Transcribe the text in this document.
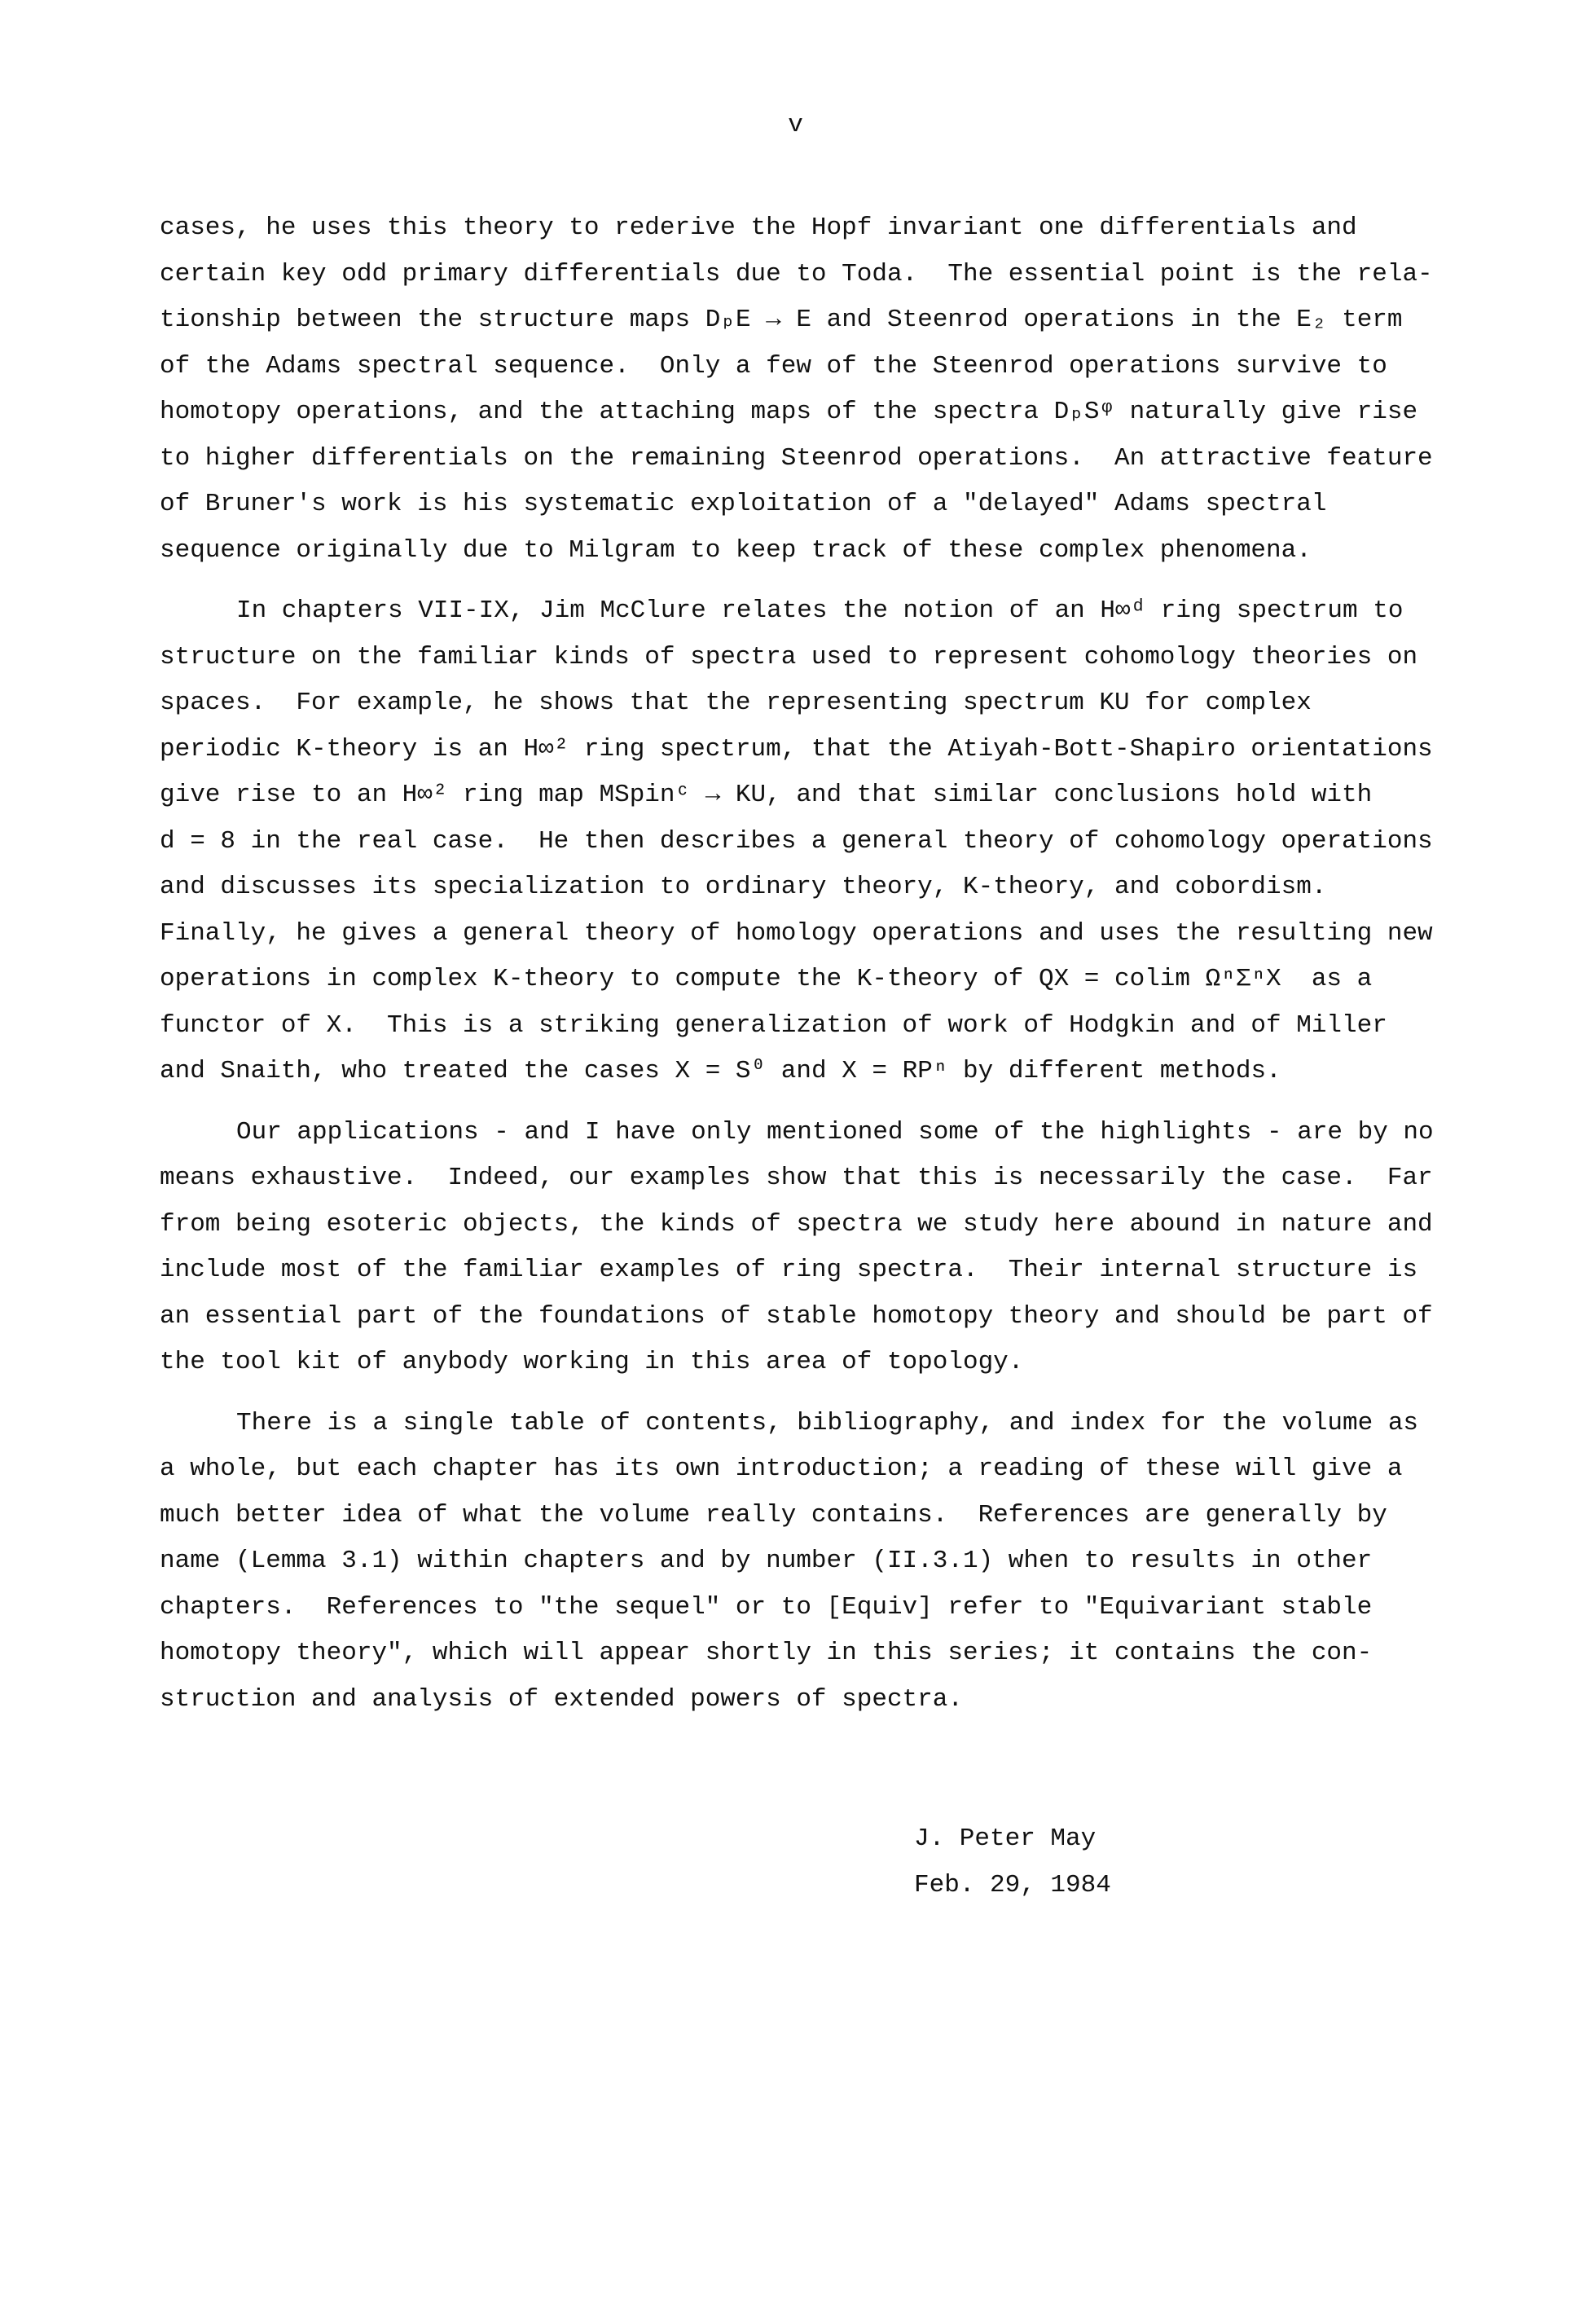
v
cases, he uses this theory to rederive the Hopf invariant one differentials and
certain key odd primary differentials due to Toda.  The essential point is the rela-
tionship between the structure maps DₚE → E and Steenrod operations in the E₂ term
of the Adams spectral sequence.  Only a few of the Steenrod operations survive to
homotopy operations, and the attaching maps of the spectra DₚSᵠ naturally give rise
to higher differentials on the remaining Steenrod operations.  An attractive feature
of Bruner's work is his systematic exploitation of a "delayed" Adams spectral
sequence originally due to Milgram to keep track of these complex phenomena.
In chapters VII-IX, Jim McClure relates the notion of an H∞ᵈ ring spectrum to
structure on the familiar kinds of spectra used to represent cohomology theories on
spaces.  For example, he shows that the representing spectrum KU for complex
periodic K-theory is an H∞² ring spectrum, that the Atiyah-Bott-Shapiro orientations
give rise to an H∞² ring map MSpinᶜ → KU, and that similar conclusions hold with
d = 8 in the real case.  He then describes a general theory of cohomology operations
and discusses its specialization to ordinary theory, K-theory, and cobordism.
Finally, he gives a general theory of homology operations and uses the resulting new
operations in complex K-theory to compute the K-theory of QX = colim ΩⁿΣⁿX  as a
functor of X.  This is a striking generalization of work of Hodgkin and of Miller
and Snaith, who treated the cases X = S⁰ and X = RPⁿ by different methods.
Our applications - and I have only mentioned some of the highlights - are by no
means exhaustive.  Indeed, our examples show that this is necessarily the case.  Far
from being esoteric objects, the kinds of spectra we study here abound in nature and
include most of the familiar examples of ring spectra.  Their internal structure is
an essential part of the foundations of stable homotopy theory and should be part of
the tool kit of anybody working in this area of topology.
There is a single table of contents, bibliography, and index for the volume as
a whole, but each chapter has its own introduction; a reading of these will give a
much better idea of what the volume really contains.  References are generally by
name (Lemma 3.1) within chapters and by number (II.3.1) when to results in other
chapters.  References to "the sequel" or to [Equiv] refer to "Equivariant stable
homotopy theory", which will appear shortly in this series; it contains the con-
struction and analysis of extended powers of spectra.
J. Peter May
Feb. 29, 1984
